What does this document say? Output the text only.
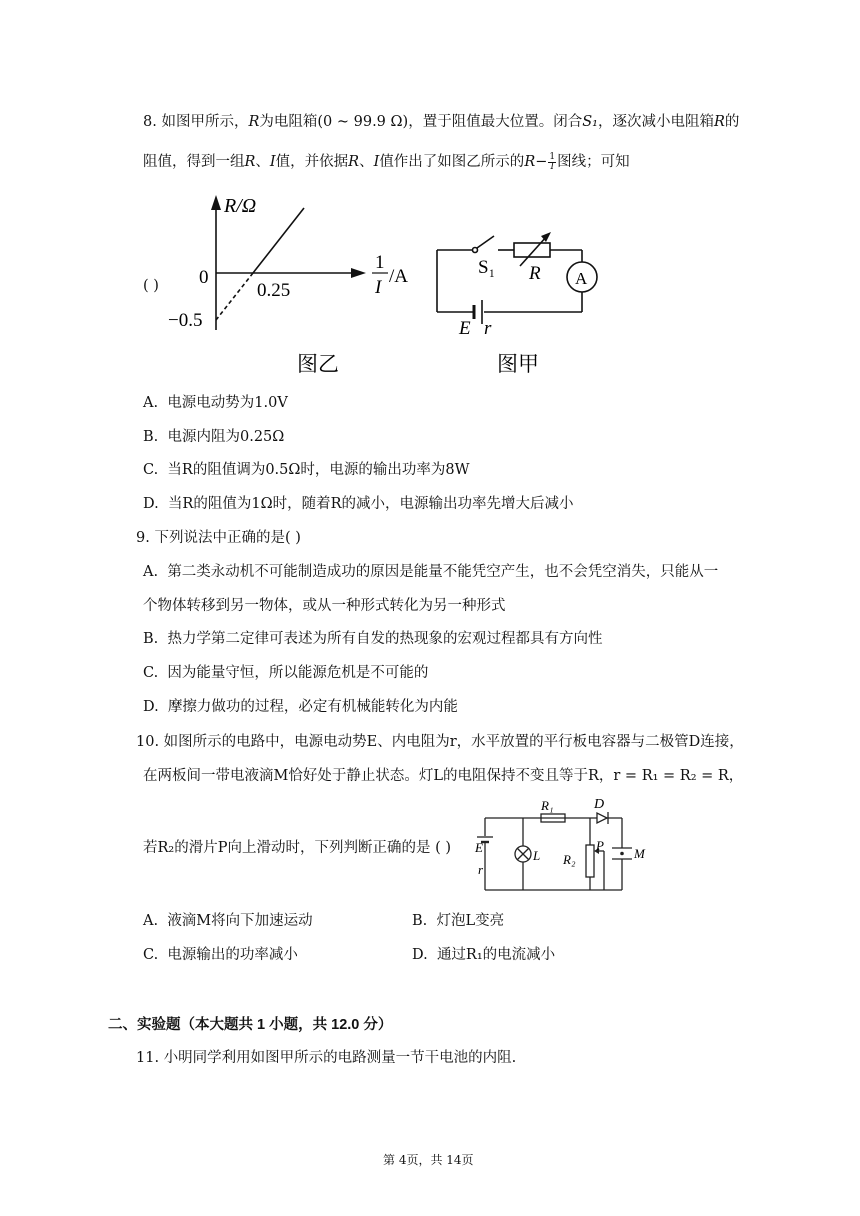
8. 如图甲所示，R为电阻箱(0 ~ 99.9 Ω)，置于阻值最大位置。闭合S₁，逐次减小电阻箱R的
阻值，得到一组R、I值，并依据R、I值作出了如图乙所示的$R- \frac{1}{I}$ 图线；可知
( )
R/Ω
0
0.25
−0.5
1
I
/A
图乙
S₁ R A
E r
图甲
R₁	D
E
r
L R₂
P
M
A. 电源电动势为1.0V
B. 电源内阻为0.25Ω
C. 当R的阻值调为0.5Ω时，电源的输出功率为8W
D. 当R的阻值为1Ω时，随着R的减小，电源输出功率先增大后减小
9. 下列说法中正确的是( )
A. 第二类永动机不可能制造成功的原因是能量不能凭空产生，也不会凭空消失，只能从一
个物体转移到另一物体，或从一种形式转化为另一种形式
B. 热力学第二定律可表述为所有自发的热现象的宏观过程都具有方向性
C. 因为能量守恒，所以能源危机是不可能的
D. 摩擦力做功的过程，必定有机械能转化为内能
10. 如图所示的电路中，电源电动势E、内电阻为r，水平放置的平行板电容器与二极管D连接，
在两板间一带电液滴M恰好处于静止状态。灯L的电阻保持不变且等于R，r = R₁ = R₂ = R，
若R₂的滑片P向上滑动时，下列判断正确的是 ( )
A. 液滴M将向下加速运动	B. 灯泡L变亮
C. 电源输出的功率减小	D. 通过R₁的电流减小
二、实验题（本大题共 1 小题，共 12.0 分）
11. 小明同学利用如图甲所示的电路测量一节干电池的内阻.
第 4页，共 14页
